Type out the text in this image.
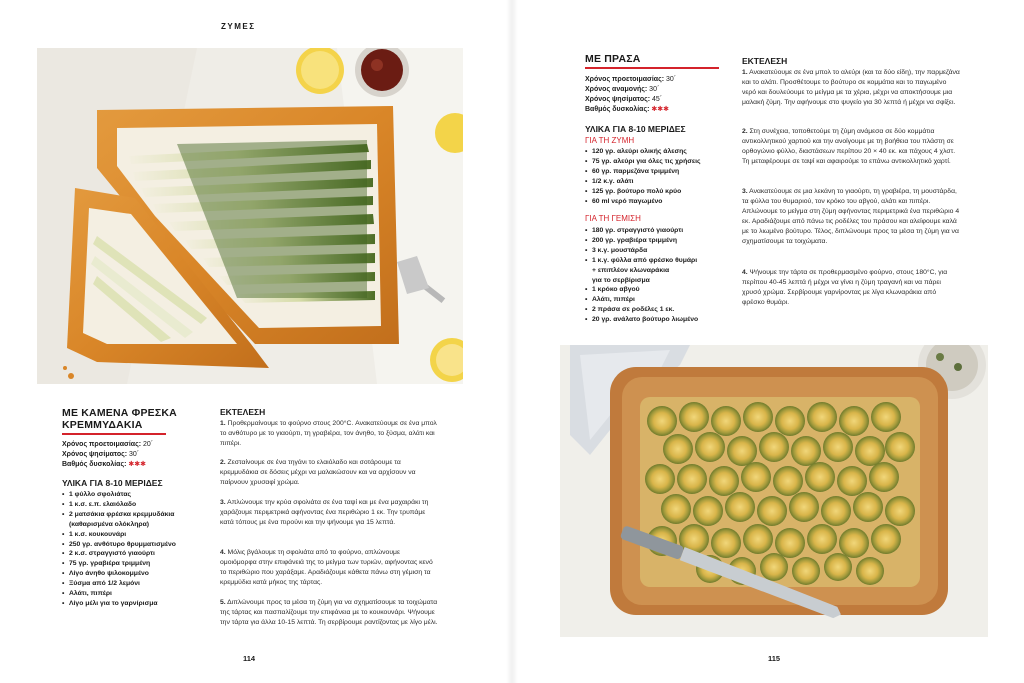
ΖΥΜΕΣ
ΜΕ ΚΑΜΕΝΑ ΦΡΕΣΚΑ
ΚΡΕΜΜΥΔΑΚΙΑ
Χρόνος προετοιμασίας: 20΄
Χρόνος ψησίματος: 30΄
Βαθμός δυσκολίας: ✱✱✱
ΥΛΙΚΑ ΓΙΑ 8-10 ΜΕΡΙΔΕΣ
• 1 φύλλο σφολιάτας
• 1 κ.σ. ε.π. ελαιόλαδο
• 2 ματσάκια φρέσκα κρεμμυδάκια
(καθαρισμένα ολόκληρα)
• 1 κ.σ. κουκουνάρι
• 250 γρ. ανθότυρο θρυμματισμένο
• 2 κ.σ. στραγγιστό γιαούρτι
• 75 γρ. γραβιέρα τριμμένη
• Λίγο άνηθο ψιλοκομμένο
• Ξύσμα από 1/2 λεμόνι
• Αλάτι, πιπέρι
• Λίγο μέλι για το γαρνίρισμα
ΕΚΤΕΛΕΣΗ
1. Προθερμαίνουμε το φούρνο στους 200°C. Ανακατεύουμε σε ένα μπολ το ανθότυρο με το γιαούρτι, τη γραβιέρα, τον άνηθο, το ξύσμα, αλάτι και πιπέρι.
2. Ζεσταίνουμε σε ένα τηγάνι το ελαιόλαδο και σοτάρουμε τα κρεμμυδάκια σε δόσεις μέχρι να μαλακώσουν και να αρχίσουν να παίρνουν χρυσαφί χρώμα.
3. Απλώνουμε την κρύα σφολιάτα σε ένα ταψί και με ένα μαχαιράκι τη χαράζουμε περιμετρικά αφήνοντας ένα περιθώριο 1 εκ. Την τρυπάμε κατά τόπους με ένα πιρούνι και την ψήνουμε για 15 λεπτά.
4. Μόλις βγάλουμε τη σφολιάτα από το φούρνο, απλώνουμε ομοιόμορφα στην επιφάνειά της το μείγμα των τυριών, αφήνοντας κενό το περιθώριο που χαράξαμε. Αραδιάζουμε κάθετα πάνω στη γέμιση τα κρεμμύδια κατά μήκος της τάρτας.
5. Διπλώνουμε προς τα μέσα τη ζύμη για να σχηματίσουμε τα τοιχώματα της τάρτας και πασπαλίζουμε την επιφάνεια με το κουκουνάρι. Ψήνουμε την τάρτα για άλλα 10-15 λεπτά. Τη σερβίρουμε ραντίζοντας με λίγο μέλι.
114
ΜΕ ΠΡΑΣΑ
Χρόνος προετοιμασίας: 30΄
Χρόνος αναμονής: 30΄
Χρόνος ψησίματος: 45΄
Βαθμός δυσκολίας: ✱✱✱
ΥΛΙΚΑ ΓΙΑ 8-10 ΜΕΡΙΔΕΣ
ΓΙΑ ΤΗ ΖΥΜΗ
• 120 γρ. αλεύρι ολικής άλεσης
• 75 γρ. αλεύρι για όλες τις χρήσεις
• 60 γρ. παρμεζάνα τριμμένη
• 1/2 κ.γ. αλάτι
• 125 γρ. βούτυρο πολύ κρύο
• 60 ml νερό παγωμένο
ΓΙΑ ΤΗ ΓΕΜΙΣΗ
• 180 γρ. στραγγιστό γιαούρτι
• 200 γρ. γραβιέρα τριμμένη
• 3 κ.γ. μουστάρδα
• 1 κ.γ. φύλλα από φρέσκο θυμάρι
+ επιπλέον κλωναράκια
για το σερβίρισμα
• 1 κρόκο αβγού
• Αλάτι, πιπέρι
• 2 πράσα σε ροδέλες 1 εκ.
• 20 γρ. ανάλατο βούτυρο λιωμένο
ΕΚΤΕΛΕΣΗ
1. Ανακατεύουμε σε ένα μπολ το αλεύρι (και τα δύο είδη), την παρμεζάνα και το αλάτι. Προσθέτουμε το βούτυρο σε κομμάτια και το παγωμένο νερό και δουλεύουμε το μείγμα με τα χέρια, μέχρι να αποκτήσουμε μια μαλακή ζύμη. Την αφήνουμε στο ψυγείο για 30 λεπτά ή μέχρι να σφίξει.
2. Στη συνέχεια, τοποθετούμε τη ζύμη ανάμεσα σε δύο κομμάτια αντικολλητικού χαρτιού και την ανοίγουμε με τη βοήθεια του πλάστη σε ορθογώνιο φύλλο, διαστάσεων περίπου 20 × 40 εκ. και πάχους 4 χλστ. Τη μεταφέρουμε σε ταψί και αφαιρούμε το επάνω αντικολλητικό χαρτί.
3. Ανακατεύουμε σε μια λεκάνη το γιαούρτι, τη γραβιέρα, τη μουστάρδα, τα φύλλα του θυμαριού, τον κρόκο του αβγού, αλάτι και πιπέρι. Απλώνουμε το μείγμα στη ζύμη αφήνοντας περιμετρικά ένα περιθώριο 4 εκ. Αραδιάζουμε από πάνω τις ροδέλες του πράσου και αλείφουμε καλά με το λιωμένο βούτυρο. Τέλος, διπλώνουμε προς τα μέσα τη ζύμη για να σχηματίσουμε τα τοιχώματα.
4. Ψήνουμε την τάρτα σε προθερμασμένο φούρνο, στους 180°C, για περίπου 40-45 λεπτά ή μέχρι να γίνει η ζύμη τραγανή και να πάρει χρυσό χρώμα. Σερβίρουμε γαρνίροντας με λίγα κλωναράκια από φρέσκο θυμάρι.
115
